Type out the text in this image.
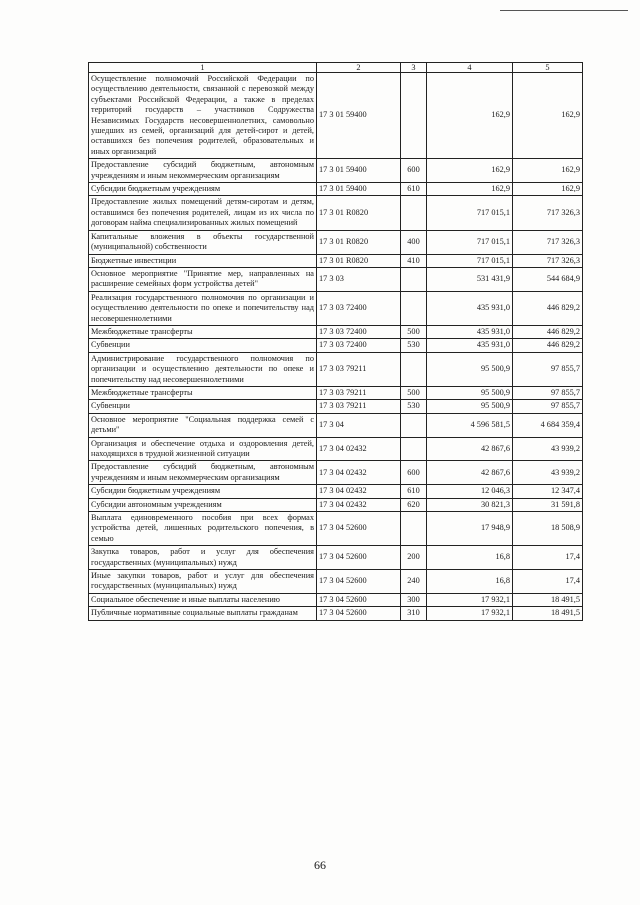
1	2	3	4	5
Осуществление полномочий Российской Федерации по осуществлению деятельности, связанной с перевозкой между субъектами Российской Федерации, а также в пределах территорий государств – участников Содружества Независимых Государств несовершеннолетних, самовольно ушедших из семей, организаций для детей-сирот и детей, оставшихся без попечения родителей, образовательных и иных организаций	17 3 01 59400		162,9	162,9
Предоставление субсидий бюджетным, автономным учреждениям и иным некоммерческим организациям	17 3 01 59400	600	162,9	162,9
Субсидии бюджетным учреждениям	17 3 01 59400	610	162,9	162,9
Предоставление жилых помещений детям-сиротам и детям, оставшимся без попечения родителей, лицам из их числа по договорам найма специализированных жилых помещений	17 3 01 R0820		717 015,1	717 326,3
Капитальные вложения в объекты государственной (муниципальной) собственности	17 3 01 R0820	400	717 015,1	717 326,3
Бюджетные инвестиции	17 3 01 R0820	410	717 015,1	717 326,3
Основное мероприятие "Принятие мер, направленных на расширение семейных форм устройства детей"	17 3 03		531 431,9	544 684,9
Реализация государственного полномочия по организации и осуществлению деятельности по опеке и попечительству над несовершеннолетними	17 3 03 72400		435 931,0	446 829,2
Межбюджетные трансферты	17 3 03 72400	500	435 931,0	446 829,2
Субвенции	17 3 03 72400	530	435 931,0	446 829,2
Администрирование государственного полномочия по организации и осуществлению деятельности по опеке и попечительству над несовершеннолетними	17 3 03 79211		95 500,9	97 855,7
Межбюджетные трансферты	17 3 03 79211	500	95 500,9	97 855,7
Субвенции	17 3 03 79211	530	95 500,9	97 855,7
Основное мероприятие "Социальная поддержка семей с детьми"	17 3 04		4 596 581,5	4 684 359,4
Организация и обеспечение отдыха и оздоровления детей, находящихся в трудной жизненной ситуации	17 3 04 02432		42 867,6	43 939,2
Предоставление субсидий бюджетным, автономным учреждениям и иным некоммерческим организациям	17 3 04 02432	600	42 867,6	43 939,2
Субсидии бюджетным учреждениям	17 3 04 02432	610	12 046,3	12 347,4
Субсидии автономным учреждениям	17 3 04 02432	620	30 821,3	31 591,8
Выплата единовременного пособия при всех формах устройства детей, лишенных родительского попечения, в семью	17 3 04 52600		17 948,9	18 508,9
Закупка товаров, работ и услуг для обеспечения государственных (муниципальных) нужд	17 3 04 52600	200	16,8	17,4
Иные закупки товаров, работ и услуг для обеспечения государственных (муниципальных) нужд	17 3 04 52600	240	16,8	17,4
Социальное обеспечение и иные выплаты населению	17 3 04 52600	300	17 932,1	18 491,5
Публичные нормативные социальные выплаты гражданам	17 3 04 52600	310	17 932,1	18 491,5
66
